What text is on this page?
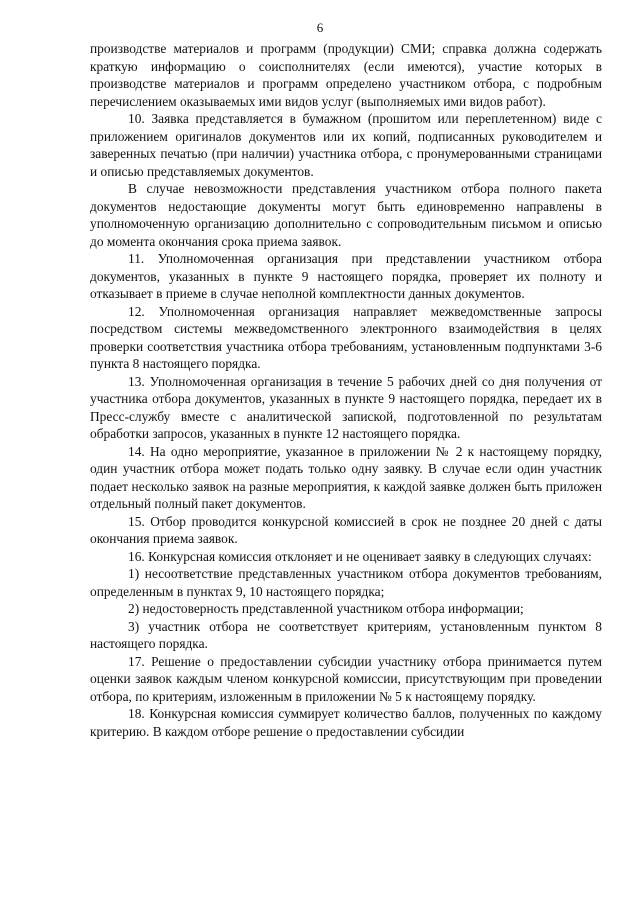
6

производстве материалов и программ (продукции) СМИ; справка должна содержать краткую информацию о соисполнителях (если имеются), участие которых в производстве материалов и программ определено участником отбора, с подробным перечислением оказываемых ими видов услуг (выполняемых ими видов работ).

10. Заявка представляется в бумажном (прошитом или переплетенном) виде с приложением оригиналов документов или их копий, подписанных руководителем и заверенных печатью (при наличии) участника отбора, с пронумерованными страницами и описью представляемых документов.

В случае невозможности представления участником отбора полного пакета документов недостающие документы могут быть единовременно направлены в уполномоченную организацию дополнительно с сопроводительным письмом и описью до момента окончания срока приема заявок.

11. Уполномоченная организация при представлении участником отбора документов, указанных в пункте 9 настоящего порядка, проверяет их полноту и отказывает в приеме в случае неполной комплектности данных документов.

12. Уполномоченная организация направляет межведомственные запросы посредством системы межведомственного электронного взаимодействия в целях проверки соответствия участника отбора требованиям, установленным подпунктами 3-6 пункта 8 настоящего порядка.

13. Уполномоченная организация в течение 5 рабочих дней со дня получения от участника отбора документов, указанных в пункте 9 настоящего порядка, передает их в Пресс-службу вместе с аналитической запиской, подготовленной по результатам обработки запросов, указанных в пункте 12 настоящего порядка.

14. На одно мероприятие, указанное в приложении № 2 к настоящему порядку, один участник отбора может подать только одну заявку. В случае если один участник подает несколько заявок на разные мероприятия, к каждой заявке должен быть приложен отдельный полный пакет документов.

15. Отбор проводится конкурсной комиссией в срок не позднее 20 дней с даты окончания приема заявок.

16. Конкурсная комиссия отклоняет и не оценивает заявку в следующих случаях:

1) несоответствие представленных участником отбора документов требованиям, определенным в пунктах 9, 10 настоящего порядка;

2) недостоверность представленной участником отбора информации;

3) участник отбора не соответствует критериям, установленным пунктом 8 настоящего порядка.

17. Решение о предоставлении субсидии участнику отбора принимается путем оценки заявок каждым членом конкурсной комиссии, присутствующим при проведении отбора, по критериям, изложенным в приложении № 5 к настоящему порядку.

18. Конкурсная комиссия суммирует количество баллов, полученных по каждому критерию. В каждом отборе решение о предоставлении субсидии
